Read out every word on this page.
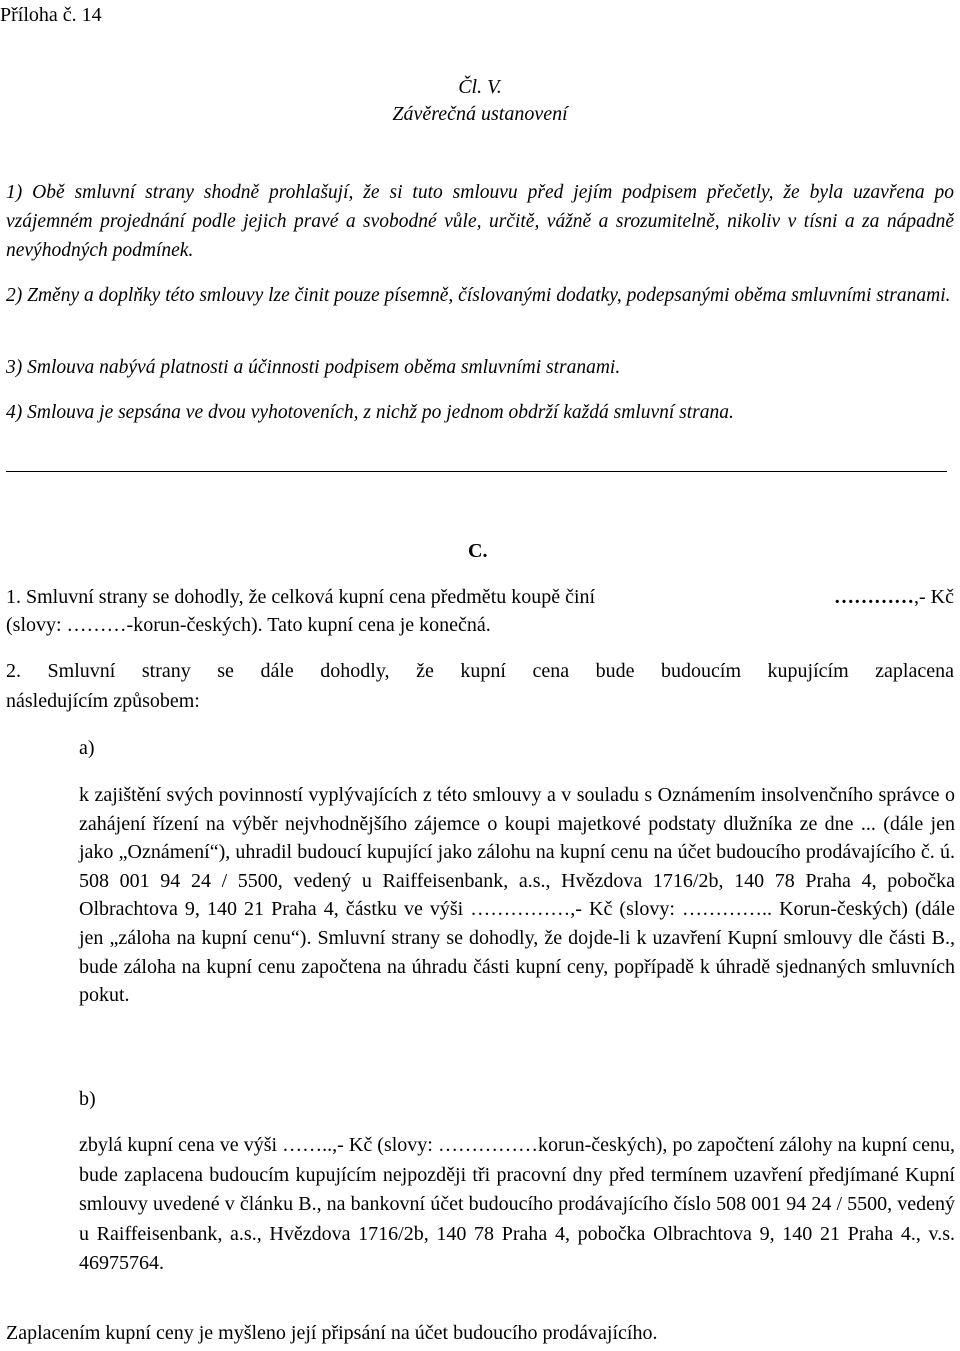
Příloha č. 14
Čl. V.
Závěrečná ustanovení

1) Obě smluvní strany shodně prohlašují, že si tuto smlouvu před jejím podpisem přečetly, že byla uzavřena po vzájemném projednání podle jejich pravé a svobodné vůle, určitě, vážně a srozumitelně, nikoliv v tísni a za nápadně nevýhodných podmínek.

2) Změny a doplňky této smlouvy lze činit pouze písemně, číslovanými dodatky, podepsanými oběma smluvními stranami.

3) Smlouva nabývá platnosti a účinnosti podpisem oběma smluvními stranami.

4) Smlouva je sepsána ve dvou vyhotoveních, z nichž po jednom obdrží každá smluvní strana.

C.
1. Smluvní strany se dohodly, že celková kupní cena předmětu koupě činí	…………,- Kč
(slovy: ………-korun-českých). Tato kupní cena je konečná.
2. Smluvní strany se dále dohodly, že kupní cena bude budoucím kupujícím zaplacena
následujícím způsobem:
a)

k zajištění svých povinností vyplývajících z této smlouvy a v souladu s Oznámením insolvenčního správce o zahájení řízení na výběr nejvhodnějšího zájemce o koupi majetkové podstaty dlužníka ze dne ... (dále jen jako „Oznámení“), uhradil budoucí kupující jako zálohu na kupní cenu na účet budoucího prodávajícího č. ú. 508 001 94 24 / 5500, vedený u Raiffeisenbank, a.s., Hvězdova 1716/2b, 140 78 Praha 4, pobočka Olbrachtova 9, 140 21 Praha 4, částku ve výši ……………,- Kč (slovy: ………….. Korun-českých) (dále jen „záloha na kupní cenu“). Smluvní strany se dohodly, že dojde-li k uzavření Kupní smlouvy dle části B., bude záloha na kupní cenu započtena na úhradu části kupní ceny, popřípadě k úhradě sjednaných smluvních pokut.

b)

zbylá kupní cena ve výši ……..,- Kč (slovy: ……………korun-českých), po započtení zálohy na kupní cenu, bude zaplacena budoucím kupujícím nejpozději tři pracovní dny před termínem uzavření předjímané Kupní smlouvy uvedené v článku B., na bankovní účet budoucího prodávajícího číslo 508 001 94 24 / 5500, vedený u Raiffeisenbank, a.s., Hvězdova 1716/2b, 140 78 Praha 4, pobočka Olbrachtova 9, 140 21 Praha 4., v.s. 46975764.

Zaplacením kupní ceny je myšleno její připsání na účet budoucího prodávajícího.
